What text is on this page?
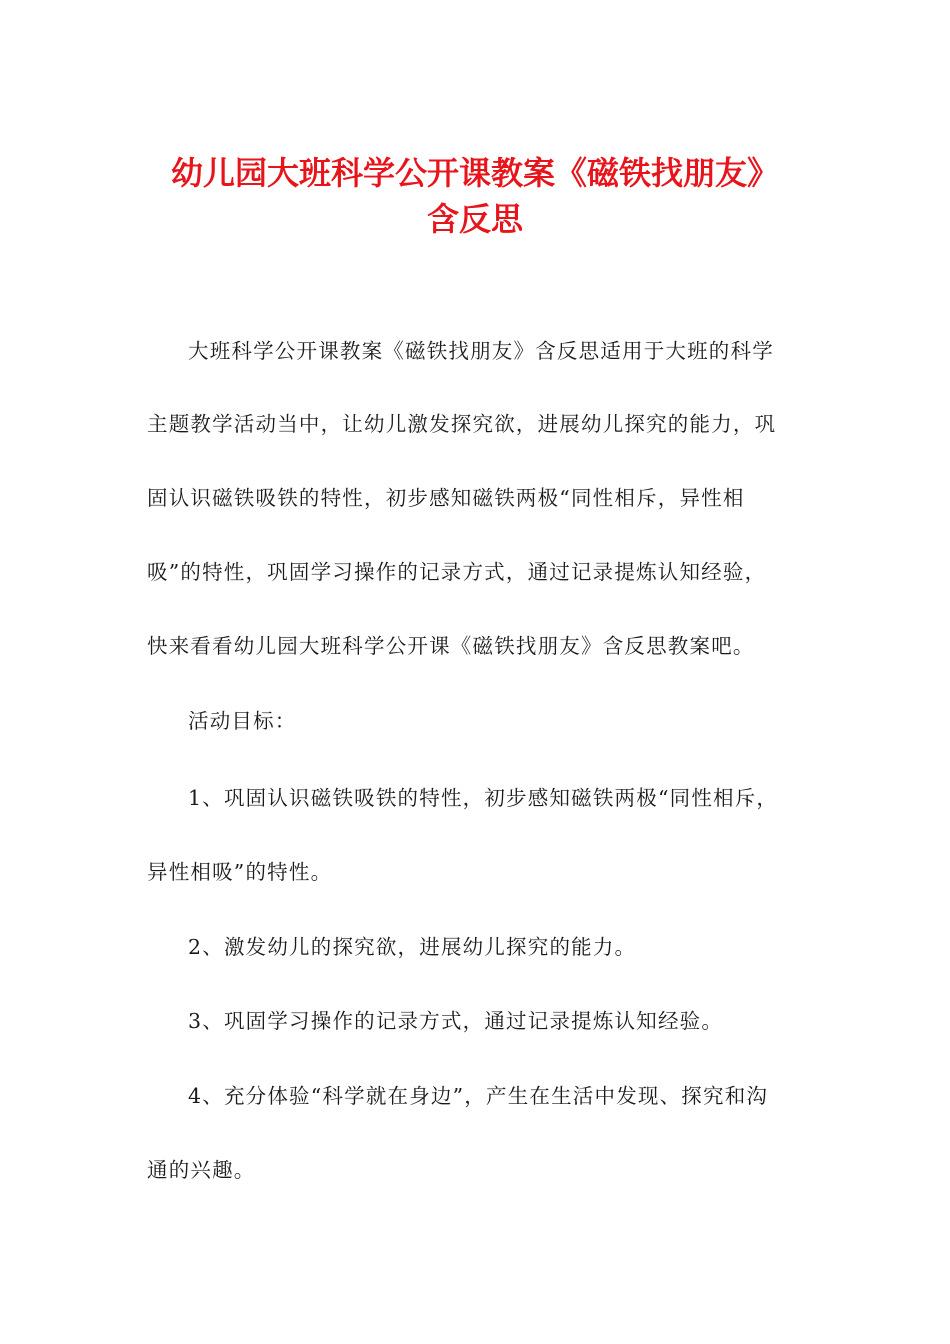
幼儿园大班科学公开课教案《磁铁找朋友》
含反思
大班科学公开课教案《磁铁找朋友》含反思适用于大班的科学
主题教学活动当中，让幼儿激发探究欲，进展幼儿探究的能力，巩
固认识磁铁吸铁的特性，初步感知磁铁两极“同性相斥，异性相
吸”的特性，巩固学习操作的记录方式，通过记录提炼认知经验，
快来看看幼儿园大班科学公开课《磁铁找朋友》含反思教案吧。
活动目标：
1、巩固认识磁铁吸铁的特性，初步感知磁铁两极“同性相斥，
异性相吸”的特性。
2、激发幼儿的探究欲，进展幼儿探究的能力。
3、巩固学习操作的记录方式，通过记录提炼认知经验。
4、充分体验“科学就在身边”，产生在生活中发现、探究和沟
通的兴趣。
